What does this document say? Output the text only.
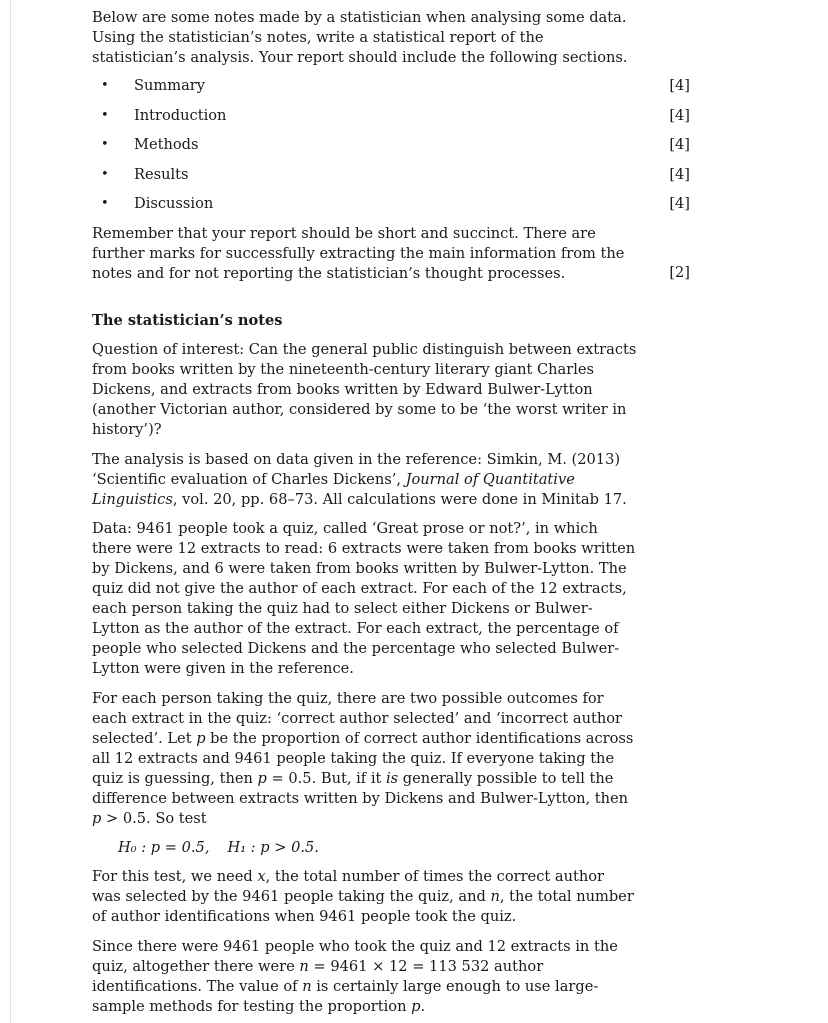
Below are some notes made by a statistician when analysing some data. Using the statistician’s notes, write a statistical report of the statistician’s analysis. Your report should include the following sections.

• Summary	[4]
• Introduction	[4]
• Methods	[4]
• Results	[4]
• Discussion	[4]

Remember that your report should be short and succinct. There are further marks for successfully extracting the main information from the notes and for not reporting the statistician’s thought processes.	[2]
The statistician’s notes

Question of interest: Can the general public distinguish between extracts from books written by the nineteenth-century literary giant Charles Dickens, and extracts from books written by Edward Bulwer-Lytton (another Victorian author, considered by some to be ‘the worst writer in history’)?

The analysis is based on data given in the reference: Simkin, M. (2013) ‘Scientific evaluation of Charles Dickens’, Journal of Quantitative Linguistics, vol. 20, pp. 68–73. All calculations were done in Minitab 17.

Data: 9461 people took a quiz, called ‘Great prose or not?’, in which there were 12 extracts to read: 6 extracts were taken from books written by Dickens, and 6 were taken from books written by Bulwer-Lytton. The quiz did not give the author of each extract. For each of the 12 extracts, each person taking the quiz had to select either Dickens or Bulwer-Lytton as the author of the extract. For each extract, the percentage of people who selected Dickens and the percentage who selected Bulwer-Lytton were given in the reference.

For each person taking the quiz, there are two possible outcomes for each extract in the quiz: ‘correct author selected’ and ‘incorrect author selected’. Let p be the proportion of correct author identifications across all 12 extracts and 9461 people taking the quiz. If everyone taking the quiz is guessing, then p = 0.5. But, if it is generally possible to tell the difference between extracts written by Dickens and Bulwer-Lytton, then p > 0.5. So test

H₀ : p = 0.5, H₁ : p > 0.5.

For this test, we need x, the total number of times the correct author was selected by the 9461 people taking the quiz, and n, the total number of author identifications when 9461 people took the quiz.

Since there were 9461 people who took the quiz and 12 extracts in the quiz, altogether there were n = 9461 × 12 = 113 532 author identifications. The value of n is certainly large enough to use large-sample methods for testing the proportion p.
